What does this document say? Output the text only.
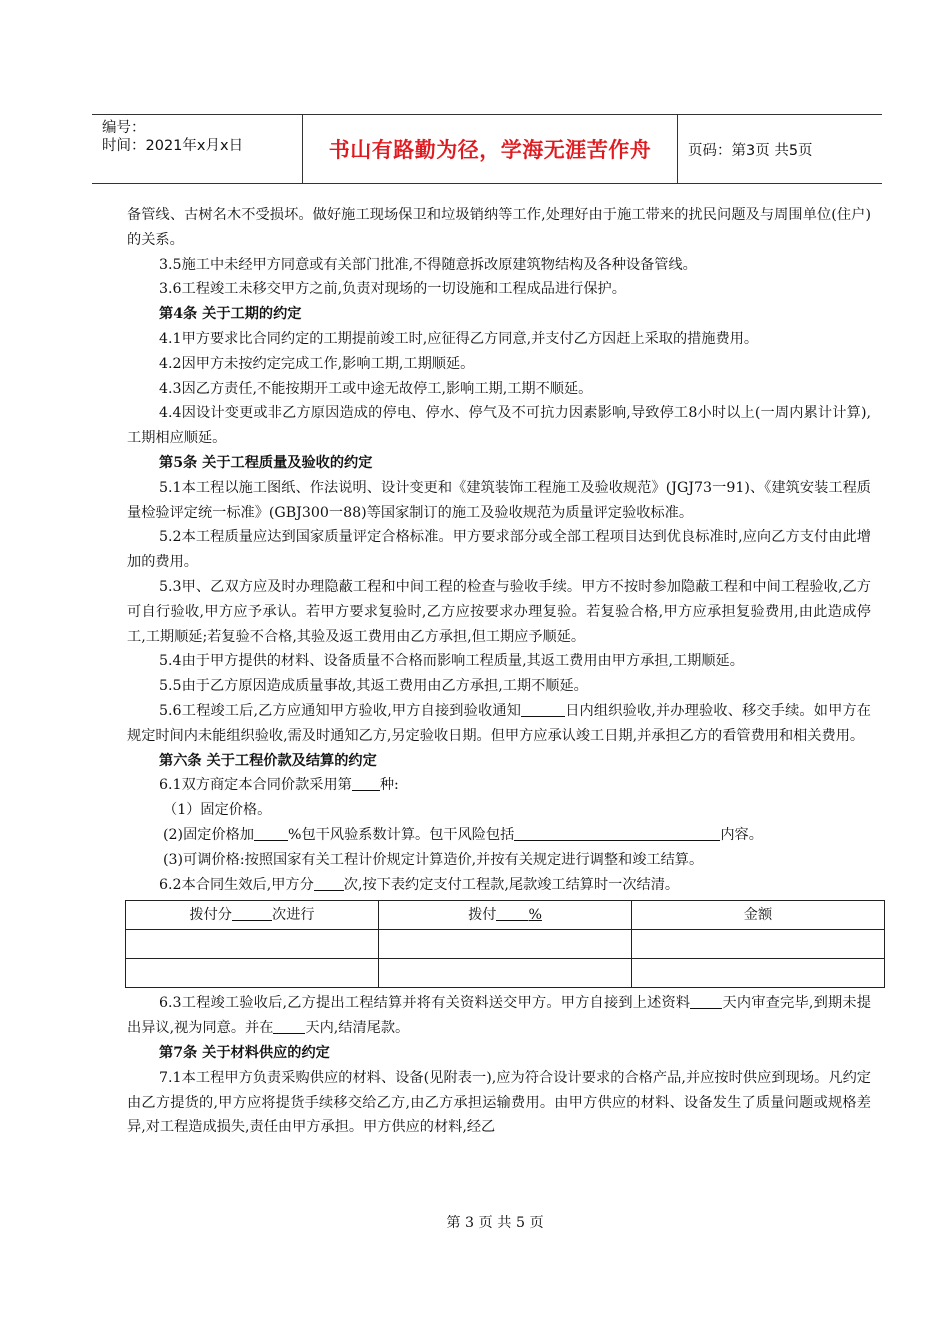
编号：
时间：2021年x月x日	书山有路勤为径，学海无涯苦作舟	页码：第3页 共5页

备管线、古树名木不受损坏。做好施工现场保卫和垃圾销纳等工作,处理好由于施工带来的扰民问题及与周围单位(住户)的关系。

3.5施工中未经甲方同意或有关部门批准,不得随意拆改原建筑物结构及各种设备管线。

3.6工程竣工未移交甲方之前,负责对现场的一切设施和工程成品进行保护。

第4条 关于工期的约定

4.1甲方要求比合同约定的工期提前竣工时,应征得乙方同意,并支付乙方因赶上采取的措施费用。

4.2因甲方未按约定完成工作,影响工期,工期顺延。

4.3因乙方责任,不能按期开工或中途无故停工,影响工期,工期不顺延。

4.4因设计变更或非乙方原因造成的停电、停水、停气及不可抗力因素影响,导致停工8小时以上(一周内累计计算),工期相应顺延。

第5条 关于工程质量及验收的约定

5.1本工程以施工图纸、作法说明、设计变更和《建筑装饰工程施工及验收规范》(JGJ73一91)、《建筑安装工程质量检验评定统一标准》(GBJ300一88)等国家制订的施工及验收规范为质量评定验收标准。

5.2本工程质量应达到国家质量评定合格标准。甲方要求部分或全部工程项目达到优良标准时,应向乙方支付由此增加的费用。

5.3甲、乙双方应及时办理隐蔽工程和中间工程的检查与验收手续。甲方不按时参加隐蔽工程和中间工程验收,乙方可自行验收,甲方应予承认。若甲方要求复验时,乙方应按要求办理复验。若复验合格,甲方应承担复验费用,由此造成停工,工期顺延;若复验不合格,其验及返工费用由乙方承担,但工期应予顺延。

5.4由于甲方提供的材料、设备质量不合格而影响工程质量,其返工费用由甲方承担,工期顺延。

5.5由于乙方原因造成质量事故,其返工费用由乙方承担,工期不顺延。

5.6工程竣工后,乙方应通知甲方验收,甲方自接到验收通知	日内组织验收,并办理验收、移交手续。如甲方在规定时间内未能组织验收,需及时通知乙方,另定验收日期。但甲方应承认竣工日期,并承担乙方的看管费用和相关费用。

第六条 关于工程价款及结算的约定

6.1双方商定本合同价款采用第 种:

（1）固定价格。

(2)固定价格加 %包干风验系数计算。包干风险包括	内容。

(3)可调价格:按照国家有关工程计价规定计算造价,并按有关规定进行调整和竣工结算。

6.2本合同生效后,甲方分 次,按下表约定支付工程款,尾款竣工结算时一次结清。

拨付分 次进行	拨付 %	金额

6.3工程竣工验收后,乙方提出工程结算并将有关资料送交甲方。甲方自接到上述资料 天内审查完毕,到期未提出异议,视为同意。并在 天内,结清尾款。

第7条 关于材料供应的约定

7.1本工程甲方负责采购供应的材料、设备(见附表一),应为符合设计要求的合格产品,并应按时供应到现场。凡约定由乙方提货的,甲方应将提货手续移交给乙方,由乙方承担运输费用。由甲方供应的材料、设备发生了质量问题或规格差异,对工程造成损失,责任由甲方承担。甲方供应的材料,经乙

第 3 页 共 5 页
